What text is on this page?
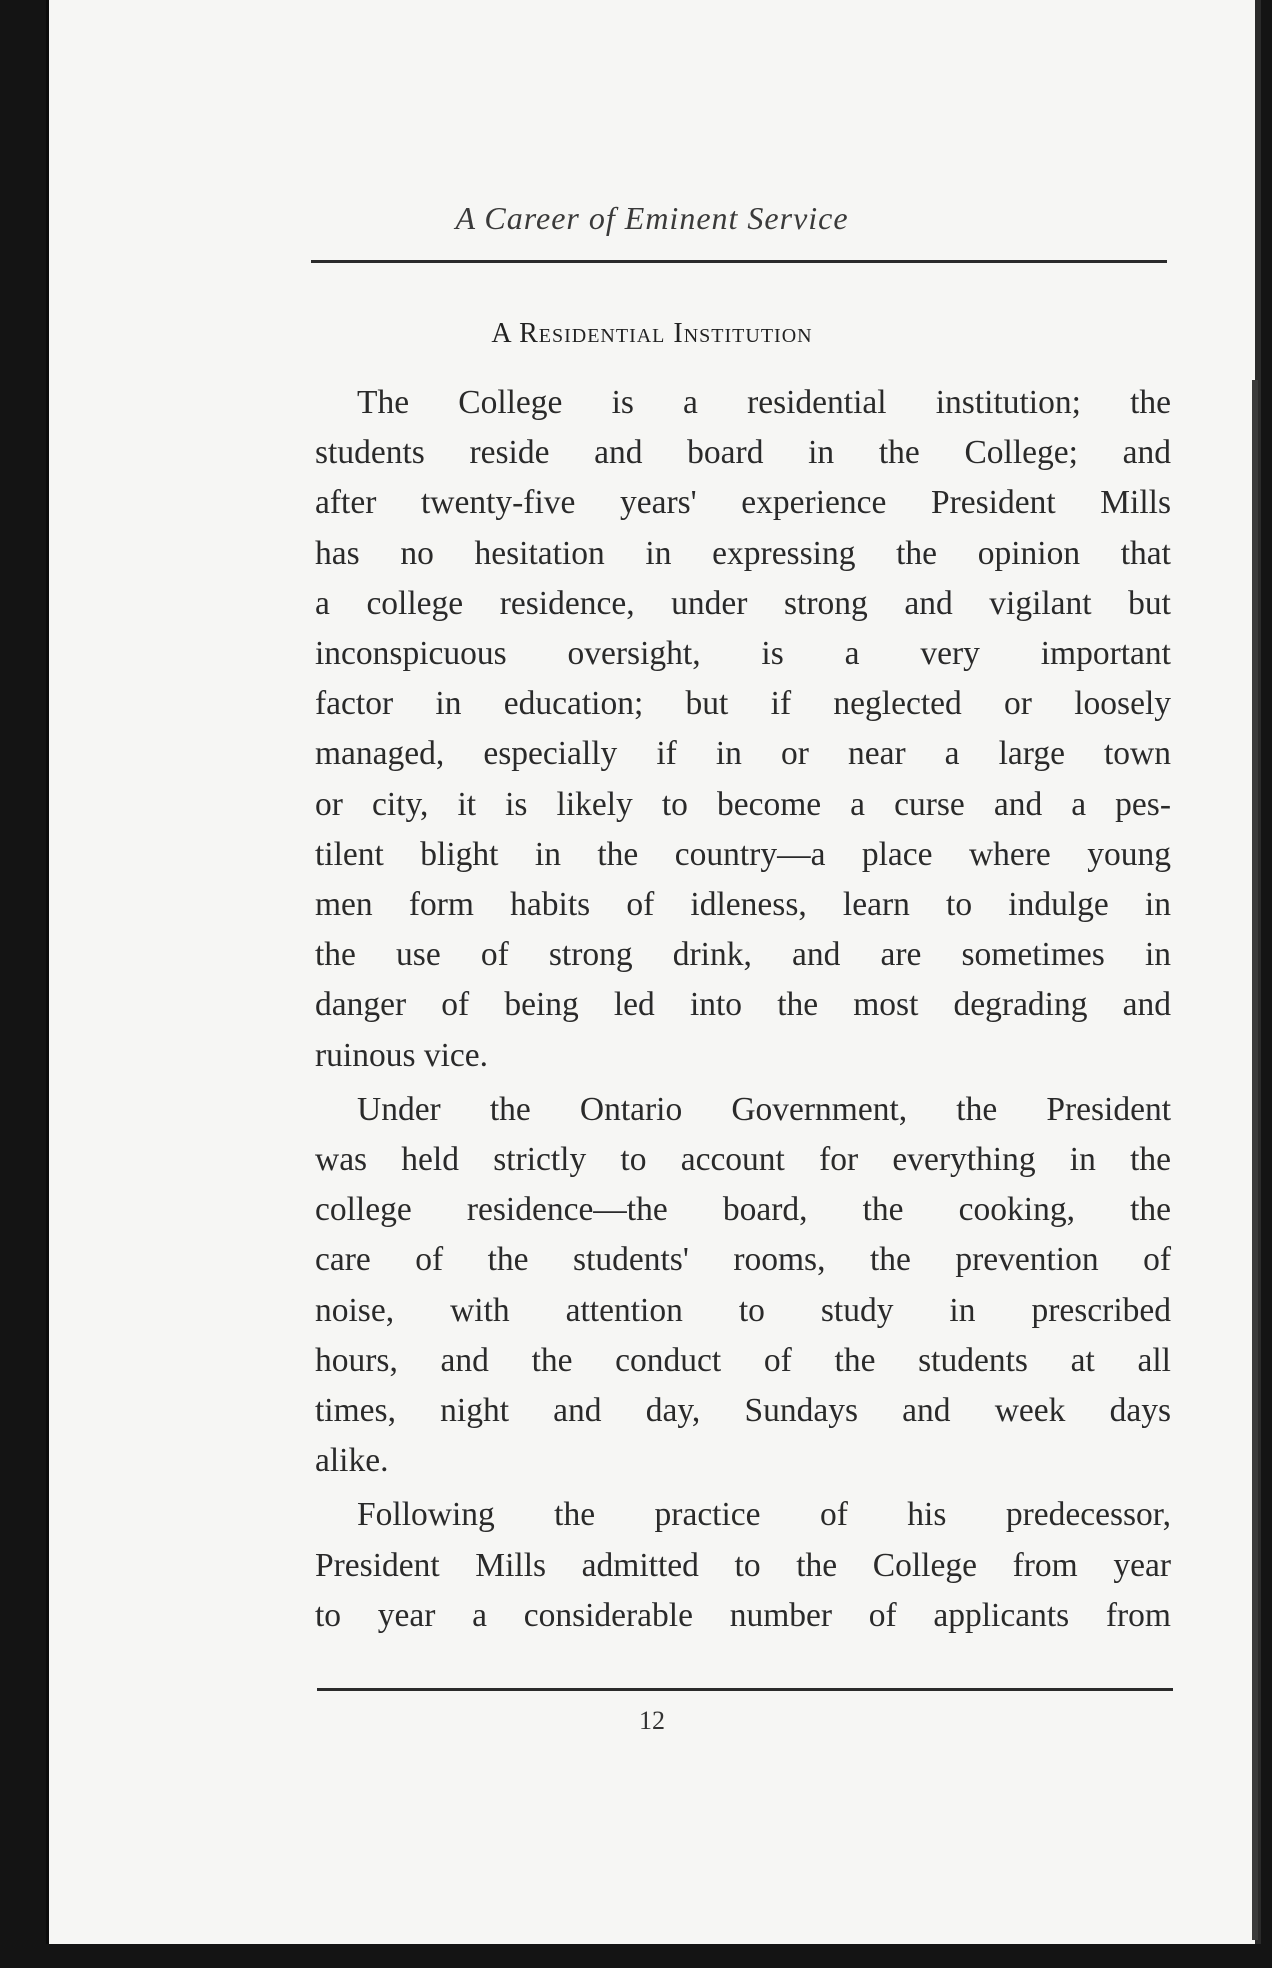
A Career of Eminent Service
A Residential Institution
The College is a residential institution; the
students reside and board in the College; and
after twenty-five years' experience President Mills
has no hesitation in expressing the opinion that
a college residence, under strong and vigilant but
inconspicuous oversight, is a very important
factor in education; but if neglected or loosely
managed, especially if in or near a large town
or city, it is likely to become a curse and a pes-
tilent blight in the country—a place where young
men form habits of idleness, learn to indulge in
the use of strong drink, and are sometimes in
danger of being led into the most degrading and
ruinous vice.
Under the Ontario Government, the President
was held strictly to account for everything in the
college residence—the board, the cooking, the
care of the students' rooms, the prevention of
noise, with attention to study in prescribed
hours, and the conduct of the students at all
times, night and day, Sundays and week days
alike.
Following the practice of his predecessor,
President Mills admitted to the College from year
to year a considerable number of applicants from
12
